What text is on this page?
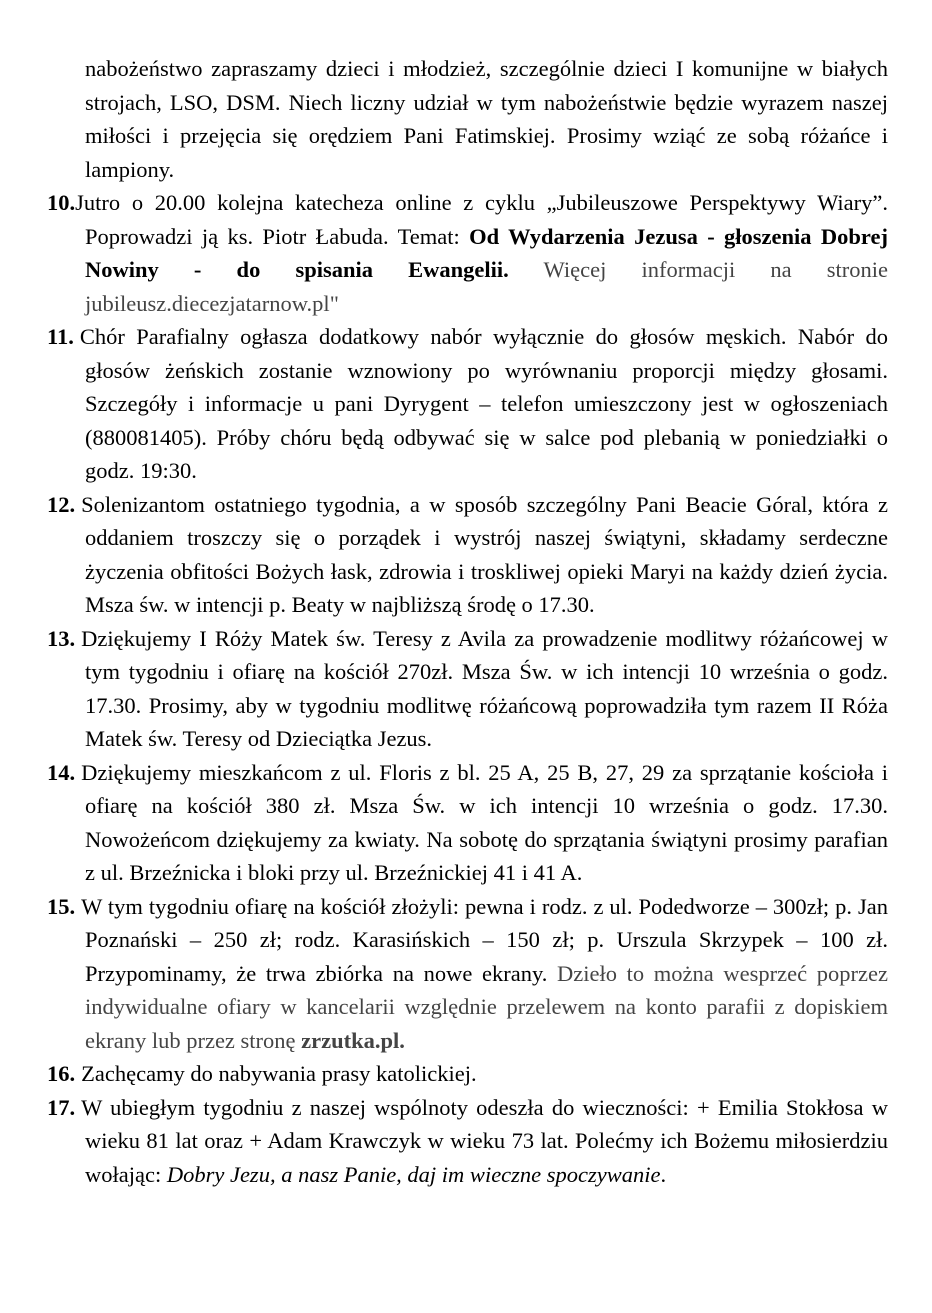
nabożeństwo zapraszamy dzieci i młodzież, szczególnie dzieci I komunijne w białych strojach, LSO, DSM. Niech liczny udział w tym nabożeństwie będzie wyrazem naszej miłości i przejęcia się orędziem Pani Fatimskiej. Prosimy wziąć ze sobą różańce i lampiony.

10.Jutro o 20.00 kolejna katecheza online z cyklu „Jubileuszowe Perspektywy Wiary”. Poprowadzi ją ks. Piotr Łabuda. Temat: Od Wydarzenia Jezusa - głoszenia Dobrej Nowiny - do spisania Ewangelii. Więcej informacji na stronie jubileusz.diecezjatarnow.pl"
11. Chór Parafialny ogłasza dodatkowy nabór wyłącznie do głosów męskich. Nabór do głosów żeńskich zostanie wznowiony po wyrównaniu proporcji między głosami. Szczegóły i informacje u pani Dyrygent – telefon umieszczony jest w ogłoszeniach (880081405). Próby chóru będą odbywać się w salce pod plebanią w poniedziałki o godz. 19:30.
12. Solenizantom ostatniego tygodnia, a w sposób szczególny Pani Beacie Góral, która z oddaniem troszczy się o porządek i wystrój naszej świątyni, składamy serdeczne życzenia obfitości Bożych łask, zdrowia i troskliwej opieki Maryi na każdy dzień życia. Msza św. w intencji p. Beaty w najbliższą środę o 17.30.
13. Dziękujemy I Róży Matek św. Teresy z Avila za prowadzenie modlitwy różańcowej w tym tygodniu i ofiarę na kościół 270zł. Msza Św. w ich intencji 10 września o godz. 17.30. Prosimy, aby w tygodniu modlitwę różańcową poprowadziła tym razem II Róża Matek św. Teresy od Dzieciątka Jezus.
14. Dziękujemy mieszkańcom z ul. Floris z bl. 25 A, 25 B, 27, 29 za sprzątanie kościoła i ofiarę na kościół 380 zł. Msza Św. w ich intencji 10 września o godz. 17.30. Nowożeńcom dziękujemy za kwiaty. Na sobotę do sprzątania świątyni prosimy parafian z ul. Brzeźnicka i bloki przy ul. Brzeźnickiej 41 i 41 A.
15. W tym tygodniu ofiarę na kościół złożyli: pewna i rodz. z ul. Podedworze – 300zł; p. Jan Poznański – 250 zł; rodz. Karasińskich – 150 zł; p. Urszula Skrzypek – 100 zł. Przypominamy, że trwa zbiórka na nowe ekrany. Dzieło to można wesprzeć poprzez indywidualne ofiary w kancelarii względnie przelewem na konto parafii z dopiskiem ekrany lub przez stronę zrzutka.pl.
16. Zachęcamy do nabywania prasy katolickiej.
17. W ubiegłym tygodniu z naszej wspólnoty odeszła do wieczności: + Emilia Stokłosa w wieku 81 lat oraz + Adam Krawczyk w wieku 73 lat. Polećmy ich Bożemu miłosierdziu wołając: Dobry Jezu, a nasz Panie, daj im wieczne spoczywanie.
